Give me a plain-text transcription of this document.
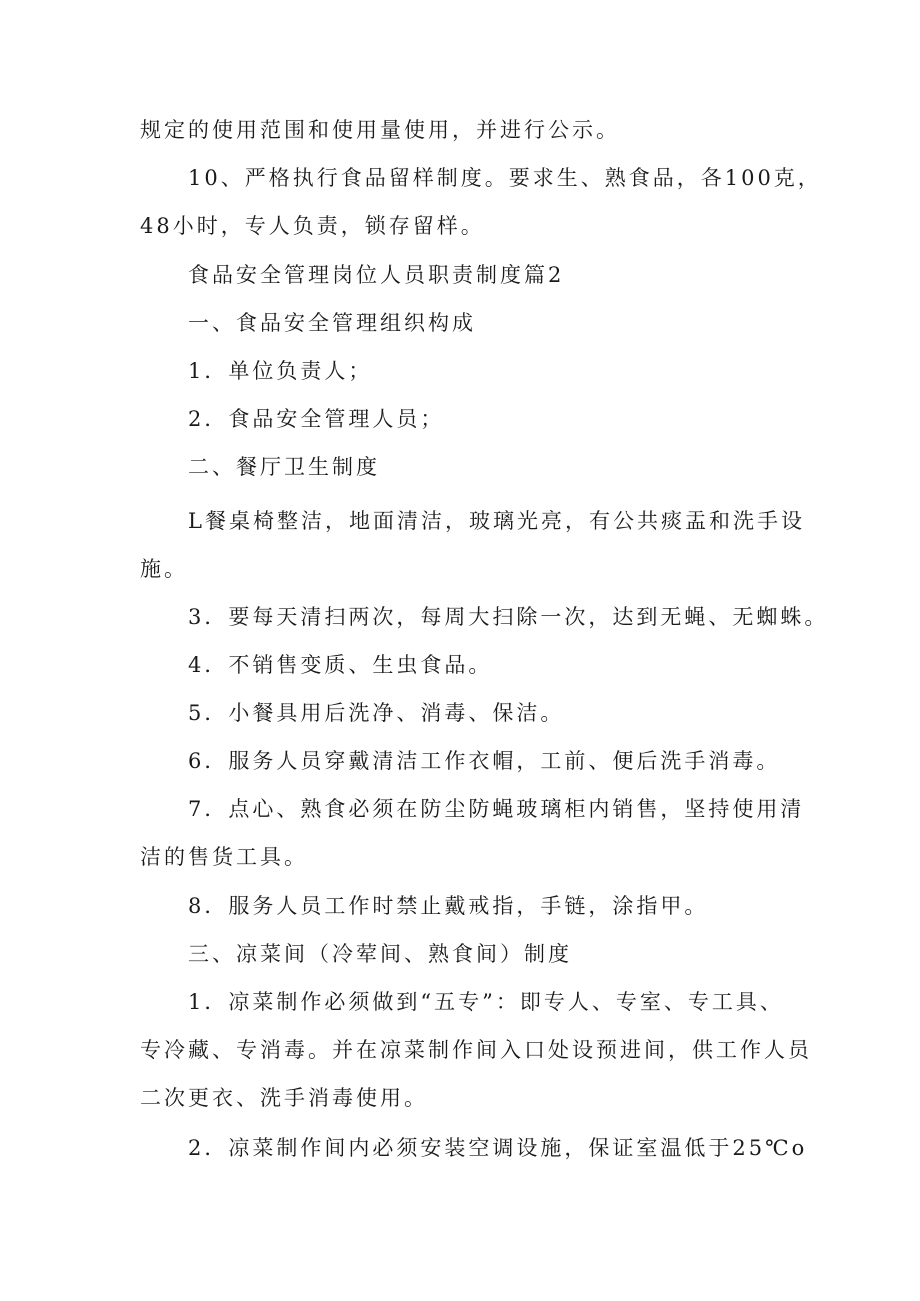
规定的使用范围和使用量使用，并进行公示。
10、严格执行食品留样制度。要求生、熟食品，各100克，
48小时，专人负责，锁存留样。
食品安全管理岗位人员职责制度篇2
一、食品安全管理组织构成
1．单位负责人；
2．食品安全管理人员；
二、餐厅卫生制度
L餐桌椅整洁，地面清洁，玻璃光亮，有公共痰盂和洗手设
施。
3．要每天清扫两次，每周大扫除一次，达到无蝇、无蜘蛛。
4．不销售变质、生虫食品。
5．小餐具用后洗净、消毒、保洁。
6．服务人员穿戴清洁工作衣帽，工前、便后洗手消毒。
7．点心、熟食必须在防尘防蝇玻璃柜内销售，坚持使用清
洁的售货工具。
8．服务人员工作时禁止戴戒指，手链，涂指甲。
三、凉菜间（冷荤间、熟食间）制度
1．凉菜制作必须做到“五专”：即专人、专室、专工具、
专冷藏、专消毒。并在凉菜制作间入口处设预进间，供工作人员
二次更衣、洗手消毒使用。
2．凉菜制作间内必须安装空调设施，保证室温低于25℃o
